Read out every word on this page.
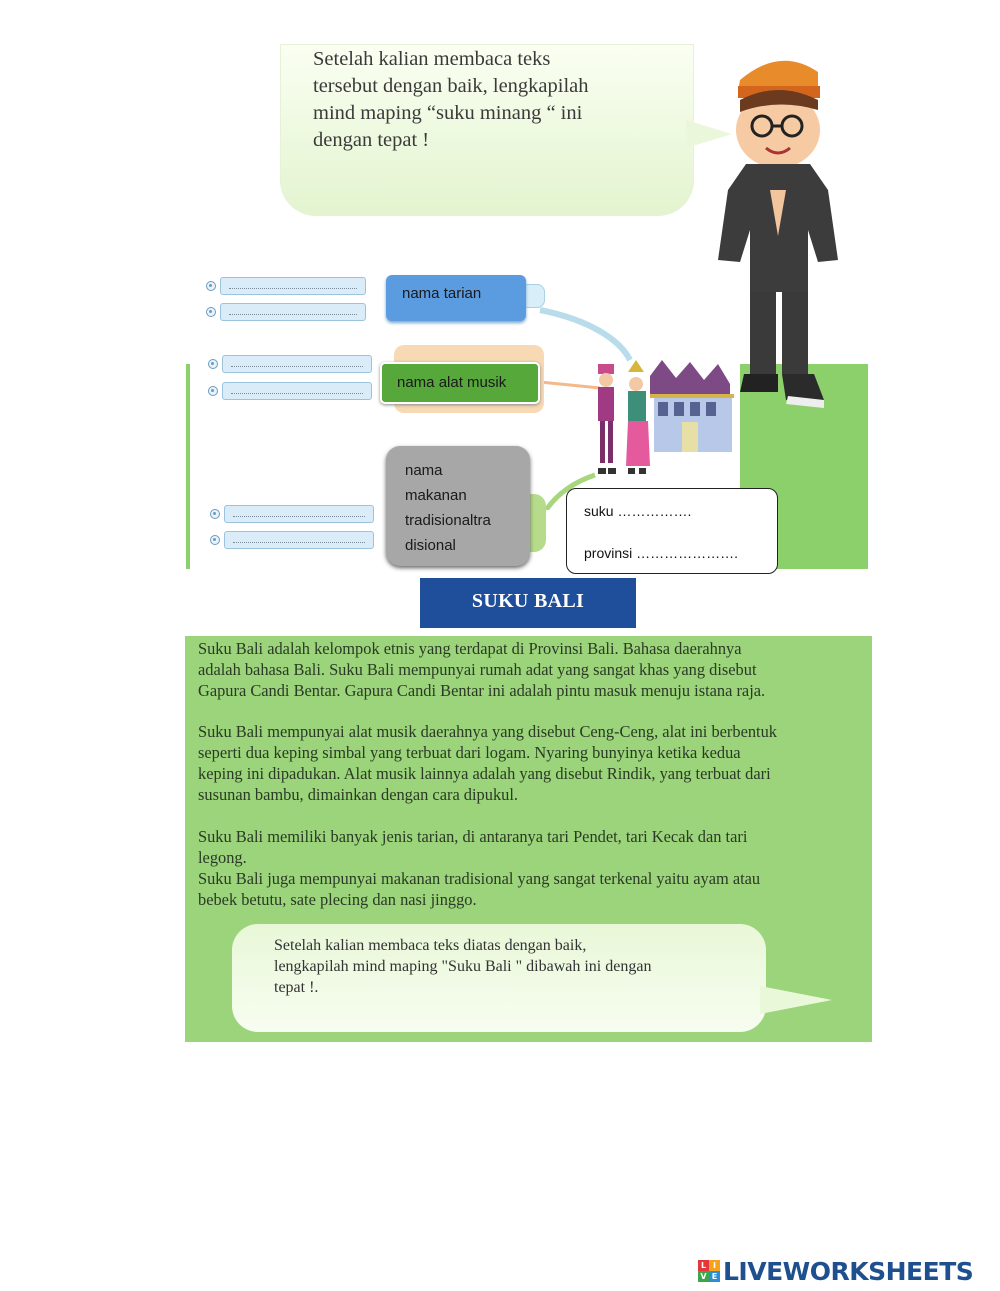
Setelah kalian membaca teks
tersebut dengan baik, lengkapilah
mind maping “suku minang “ ini
dengan tepat !
nama tarian
nama alat musik
nama
makanan
tradisionaltra
disional
suku …………….
provinsi ………………….
SUKU BALI
Suku Bali adalah kelompok etnis yang terdapat di Provinsi Bali. Bahasa daerahnya
adalah bahasa Bali. Suku Bali mempunyai rumah adat yang sangat khas yang disebut
Gapura Candi Bentar. Gapura Candi Bentar ini adalah pintu masuk menuju istana raja.
Suku Bali mempunyai alat musik daerahnya yang disebut Ceng-Ceng, alat ini berbentuk
seperti dua keping simbal yang terbuat dari logam. Nyaring bunyinya ketika kedua
keping ini dipadukan. Alat musik lainnya adalah yang disebut Rindik, yang terbuat dari
susunan bambu, dimainkan dengan cara dipukul.
Suku Bali memiliki banyak jenis tarian, di antaranya tari Pendet, tari Kecak dan tari
legong.
Suku Bali juga mempunyai makanan tradisional yang sangat terkenal yaitu ayam atau
bebek betutu, sate plecing dan nasi jinggo.
Setelah kalian membaca teks diatas dengan baik,
lengkapilah mind maping "Suku Bali " dibawah ini dengan
tepat !.
L I
V E LIVEWORKSHEETS
